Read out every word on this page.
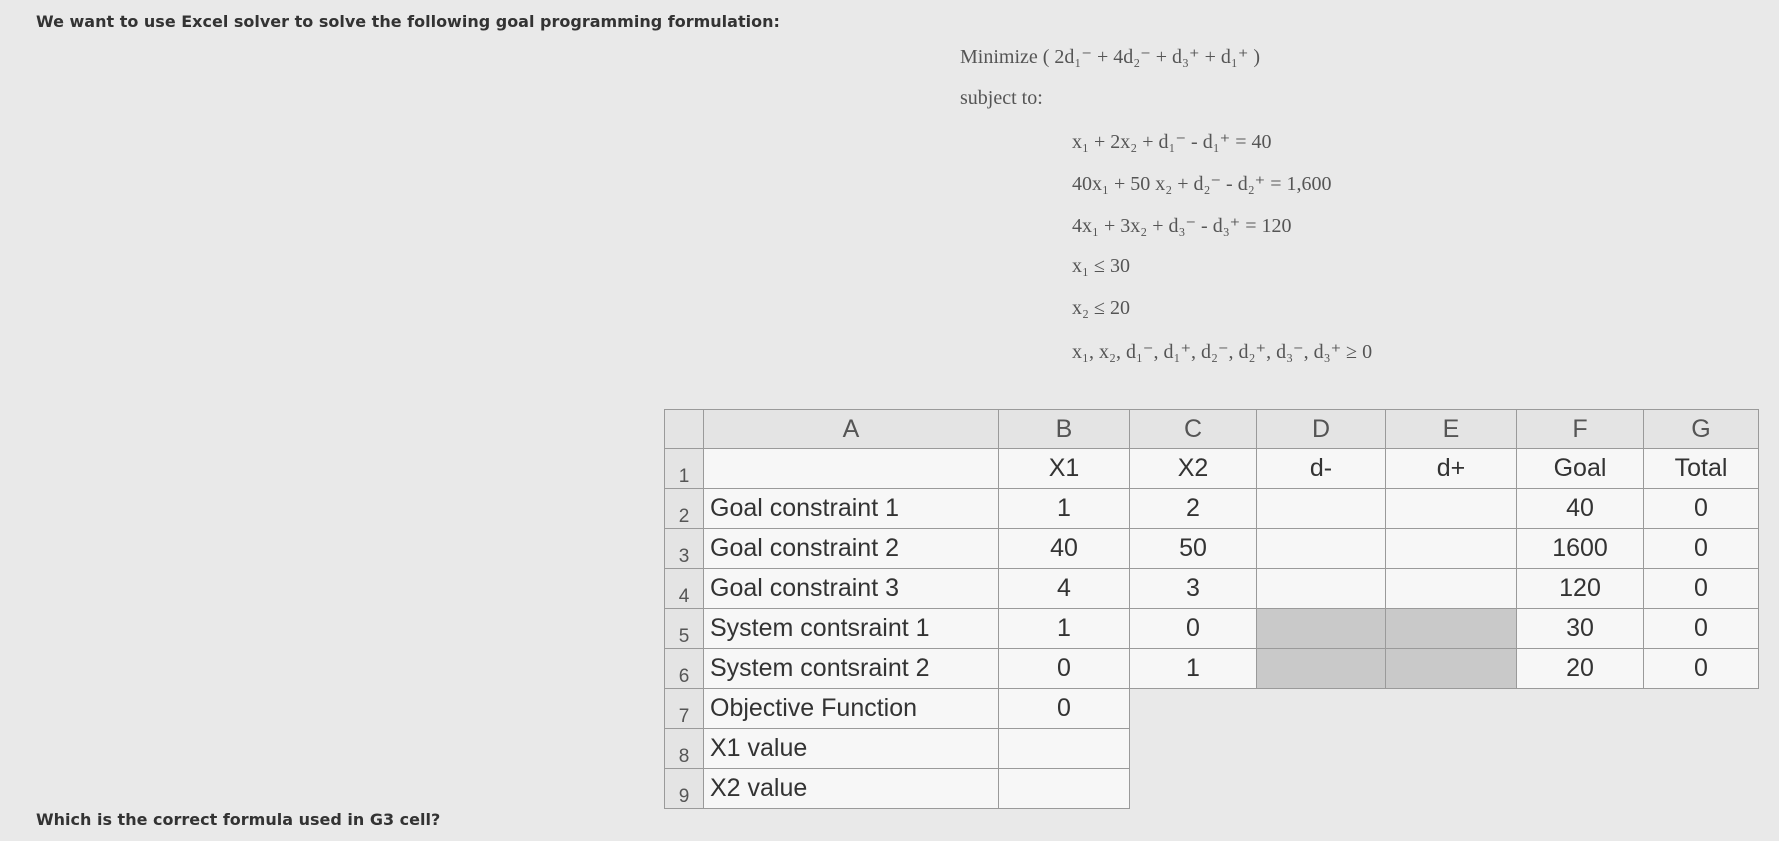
We want to use Excel solver to solve the following goal programming formulation:
Minimize ( 2d₁⁻ + 4d₂⁻ + d₃⁺ + d₁⁺ )
subject to:
x₁ + 2x₂ + d₁⁻ - d₁⁺ = 40
40x₁ + 50 x₂ + d₂⁻ - d₂⁺ = 1,600
4x₁ + 3x₂ + d₃⁻ - d₃⁺ = 120
x₁ ≤ 30
x₂ ≤ 20
x₁, x₂, d₁⁻, d₁⁺, d₂⁻, d₂⁺, d₃⁻, d₃⁺ ≥ 0
	A	B	C	D	E	F	G
1		X1	X2	d-	d+	Goal	Total
2	Goal constraint 1	1	2			40	0
3	Goal constraint 2	40	50			1600	0
4	Goal constraint 3	4	3			120	0
5	System contsraint 1	1	0			30	0
6	System contsraint 2	0	1			20	0
7	Objective Function	0					
8	X1 value						
9	X2 value						
Which is the correct formula used in G3 cell?
